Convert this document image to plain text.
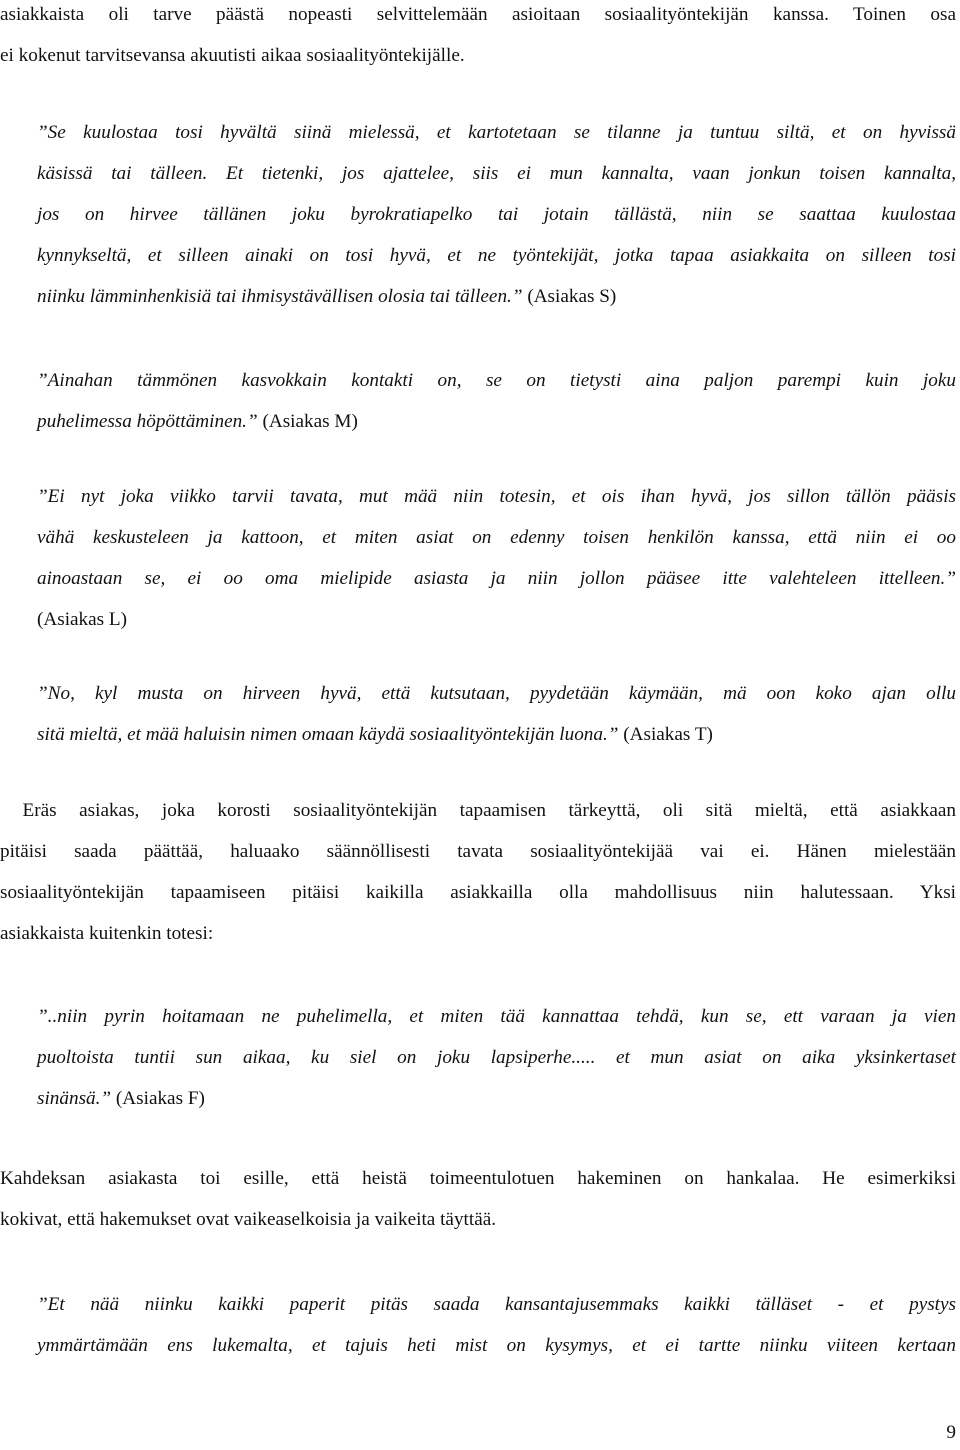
asiakkaista oli tarve päästä nopeasti selvittelemään asioitaan sosiaalityöntekijän kanssa. Toinen osa
ei kokenut tarvitsevansa akuutisti aikaa sosiaalityöntekijälle.
”Se kuulostaa tosi hyvältä siinä mielessä, et kartotetaan se tilanne ja tuntuu siltä, et on hyvissä
käsissä tai tälleen. Et tietenki, jos ajattelee, siis ei mun kannalta, vaan jonkun toisen kannalta,
jos on hirvee tällänen joku byrokratiapelko tai jotain tällästä, niin se saattaa kuulostaa
kynnykseltä, et silleen ainaki on tosi hyvä, et ne työntekijät, jotka tapaa asiakkaita on silleen tosi
niinku lämminhenkisiä tai ihmisystävällisen olosia tai tälleen.” (Asiakas S)
”Ainahan tämmönen kasvokkain kontakti on, se on tietysti aina paljon parempi kuin joku
puhelimessa höpöttäminen.” (Asiakas M)
”Ei nyt joka viikko tarvii tavata, mut mää niin totesin, et ois ihan hyvä, jos sillon tällön pääsis
vähä keskusteleen ja kattoon, et miten asiat on edenny toisen henkilön kanssa, että niin ei oo
ainoastaan se, ei oo oma mielipide asiasta ja niin jollon pääsee itte valehteleen ittelleen.”
(Asiakas L)
”No, kyl musta on hirveen hyvä, että kutsutaan, pyydetään käymään, mä oon koko ajan ollu
sitä mieltä, et mää haluisin nimen omaan käydä sosiaalityöntekijän luona.” (Asiakas T)
Eräs asiakas, joka korosti sosiaalityöntekijän tapaamisen tärkeyttä, oli sitä mieltä, että asiakkaan
pitäisi saada päättää, haluaako säännöllisesti tavata sosiaalityöntekijää vai ei. Hänen mielestään
sosiaalityöntekijän tapaamiseen pitäisi kaikilla asiakkailla olla mahdollisuus niin halutessaan. Yksi
asiakkaista kuitenkin totesi:
”..niin pyrin hoitamaan ne puhelimella, et miten tää kannattaa tehdä, kun se, ett varaan ja vien
puoltoista tuntii sun aikaa, ku siel on joku lapsiperhe..... et mun asiat on aika yksinkertaset
sinänsä.” (Asiakas F)
Kahdeksan asiakasta toi esille, että heistä toimeentulotuen hakeminen on hankalaa. He esimerkiksi
kokivat, että hakemukset ovat vaikeaselkoisia ja vaikeita täyttää.
”Et nää niinku kaikki paperit pitäs saada kansantajusemmaks kaikki tälläset - et pystys
ymmärtämään ens lukemalta, et tajuis heti mist on kysymys, et ei tartte niinku viiteen kertaan
9
